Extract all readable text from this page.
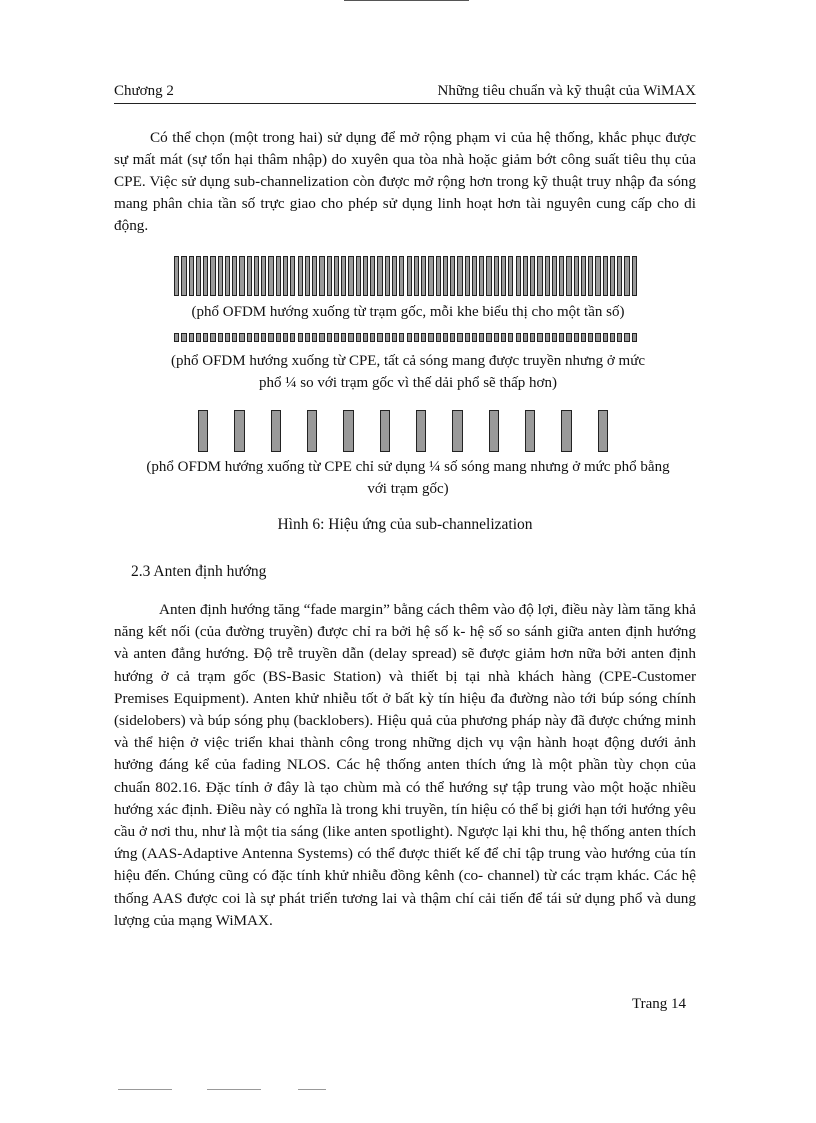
Chương 2	Những tiêu chuẩn và kỹ thuật của WiMAX

Có thể chọn (một trong hai) sử dụng để mở rộng phạm vi của hệ thống, khắc phục được sự mất mát (sự tổn hại thâm nhập) do xuyên qua tòa nhà hoặc giảm bớt công suất tiêu thụ của CPE. Việc sử dụng sub-channelization còn được mở rộng hơn trong kỹ thuật truy nhập đa sóng mang phân chia tần số trực giao cho phép sử dụng linh hoạt hơn tài nguyên cung cấp cho di động.

(phổ OFDM hướng xuống từ trạm gốc, mỗi khe biểu thị cho một tần số)
(phổ OFDM hướng xuống từ CPE, tất cả sóng mang được truyền nhưng ở mức
phổ ¼ so với trạm gốc vì thế dải phổ sẽ thấp hơn)
(phổ OFDM hướng xuống từ CPE chỉ sử dụng ¼ số sóng mang nhưng ở mức phổ bằng
với trạm gốc)
Hình 6: Hiệu ứng của sub-channelization
2.3 Anten định hướng

Anten định hướng tăng “fade margin” bằng cách thêm vào độ lợi, điều này làm tăng khả năng kết nối (của đường truyền) được chỉ ra bởi hệ số k- hệ số so sánh giữa anten định hướng và anten đẳng hướng. Độ trễ truyền dẫn (delay spread) sẽ được giảm hơn nữa bởi anten định hướng ở cả trạm gốc (BS-Basic Station) và thiết bị tại nhà khách hàng (CPE-Customer Premises Equipment). Anten khử nhiễu tốt ở bất kỳ tín hiệu đa đường nào tới búp sóng chính (sidelobers) và búp sóng phụ (backlobers). Hiệu quả của phương pháp này đã được chứng minh và thể hiện ở việc triển khai thành công trong những dịch vụ vận hành hoạt động dưới ảnh hưởng đáng kể của fading NLOS. Các hệ thống anten thích ứng là một phần tùy chọn của chuẩn 802.16. Đặc tính ở đây là tạo chùm mà có thể hướng sự tập trung vào một hoặc nhiều hướng xác định. Điều này có nghĩa là trong khi truyền, tín hiệu có thể bị giới hạn tới hướng yêu cầu ở nơi thu, như là một tia sáng (like anten spotlight). Ngược lại khi thu, hệ thống anten thích ứng (AAS-Adaptive Antenna Systems) có thể được thiết kế để chỉ tập trung vào hướng của tín hiệu đến. Chúng cũng có đặc tính khử nhiễu đồng kênh (co- channel) từ các trạm khác. Các hệ thống AAS được coi là sự phát triển tương lai và thậm chí cải tiến để tái sử dụng phổ và dung lượng của mạng WiMAX.

Trang 14
